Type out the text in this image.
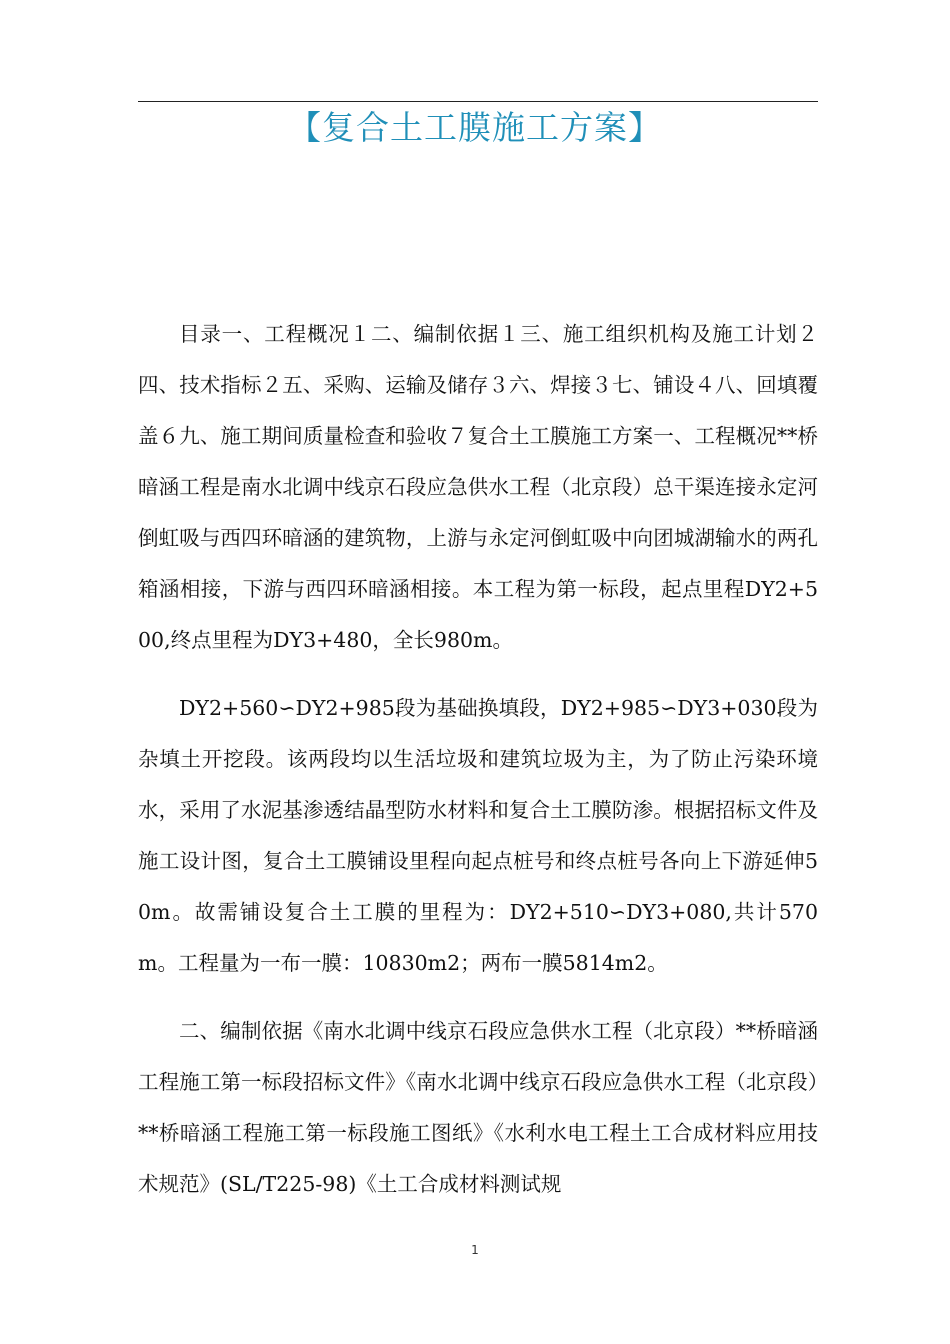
【复合土工膜施工方案】

目录一、工程概况１二、编制依据１三、施工组织机构及施工计划２四、技术指标２五、采购、运输及储存３六、焊接３七、铺设４八、回填覆盖６九、施工期间质量检查和验收７复合土工膜施工方案一、工程概况**桥暗涵工程是南水北调中线京石段应急供水工程（北京段）总干渠连接永定河倒虹吸与西四环暗涵的建筑物，上游与永定河倒虹吸中向团城湖输水的两孔箱涵相接，下游与西四环暗涵相接。本工程为第一标段，起点里程DY2+500,终点里程为DY3+480，全长980m。

DY2+560∽DY2+985段为基础换填段，DY2+985∽DY3+030段为杂填土开挖段。该两段均以生活垃圾和建筑垃圾为主，为了防止污染环境水，采用了水泥基渗透结晶型防水材料和复合土工膜防渗。根据招标文件及施工设计图，复合土工膜铺设里程向起点桩号和终点桩号各向上下游延伸50m。故需铺设复合土工膜的里程为：DY2+510∽DY3+080,共计570m。工程量为一布一膜：10830m2；两布一膜5814m2。

二、编制依据《南水北调中线京石段应急供水工程（北京段）**桥暗涵工程施工第一标段招标文件》《南水北调中线京石段应急供水工程（北京段）**桥暗涵工程施工第一标段施工图纸》《水利水电工程土工合成材料应用技术规范》(SL/T225-98)《土工合成材料测试规

1
